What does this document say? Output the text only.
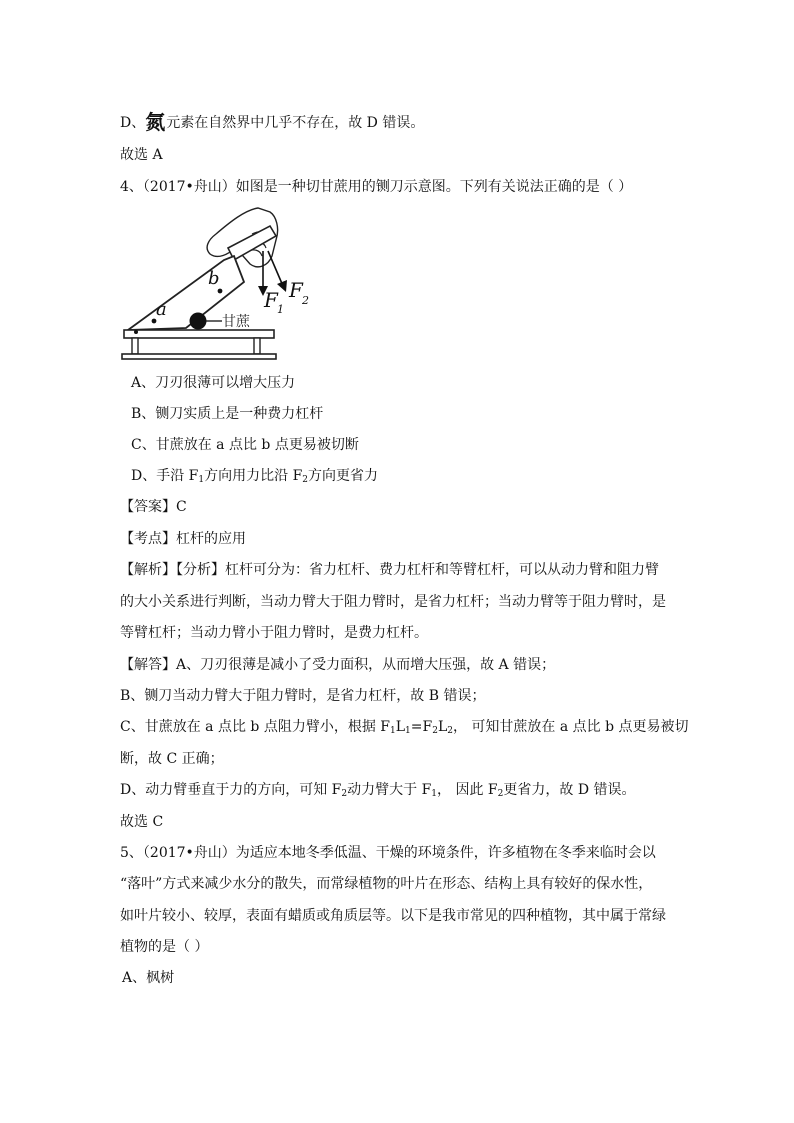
D、氮元素在自然界中几乎不存在，故 D 错误。
故选 A
4、（2017•舟山）如图是一种切甘蔗用的铡刀示意图。下列有关说法正确的是（ ）
a
b
F 1
F 2
甘蔗
A、刀刃很薄可以增大压力
B、铡刀实质上是一种费力杠杆
C、甘蔗放在 a 点比 b 点更易被切断
D、手沿 $F_1$方向用力比沿 $F_2$方向更省力
【答案】C
【考点】杠杆的应用
【解析】【分析】杠杆可分为：省力杠杆、费力杠杆和等臂杠杆，可以从动力臂和阻力臂
的大小关系进行判断，当动力臂大于阻力臂时，是省力杠杆；当动力臂等于阻力臂时，是
等臂杠杆；当动力臂小于阻力臂时，是费力杠杆。
【解答】A、刀刃很薄是减小了受力面积，从而增大压强，故 A 错误；
B、铡刀当动力臂大于阻力臂时，是省力杠杆，故 B 错误；
C、甘蔗放在 a 点比 b 点阻力臂小，根据 $F_1L_1=F_2L_2$， 可知甘蔗放在 a 点比 b 点更易被切
断，故 C 正确；
D、动力臂垂直于力的方向，可知 $F_2$动力臂大于 $F_1$， 因此 $F_2$更省力，故 D 错误。
故选 C
5、（2017•舟山）为适应本地冬季低温、干燥的环境条件，许多植物在冬季来临时会以
“落叶”方式来减少水分的散失，而常绿植物的叶片在形态、结构上具有较好的保水性，
如叶片较小、较厚，表面有蜡质或角质层等。以下是我市常见的四种植物，其中属于常绿
植物的是（ ）
A、枫树
